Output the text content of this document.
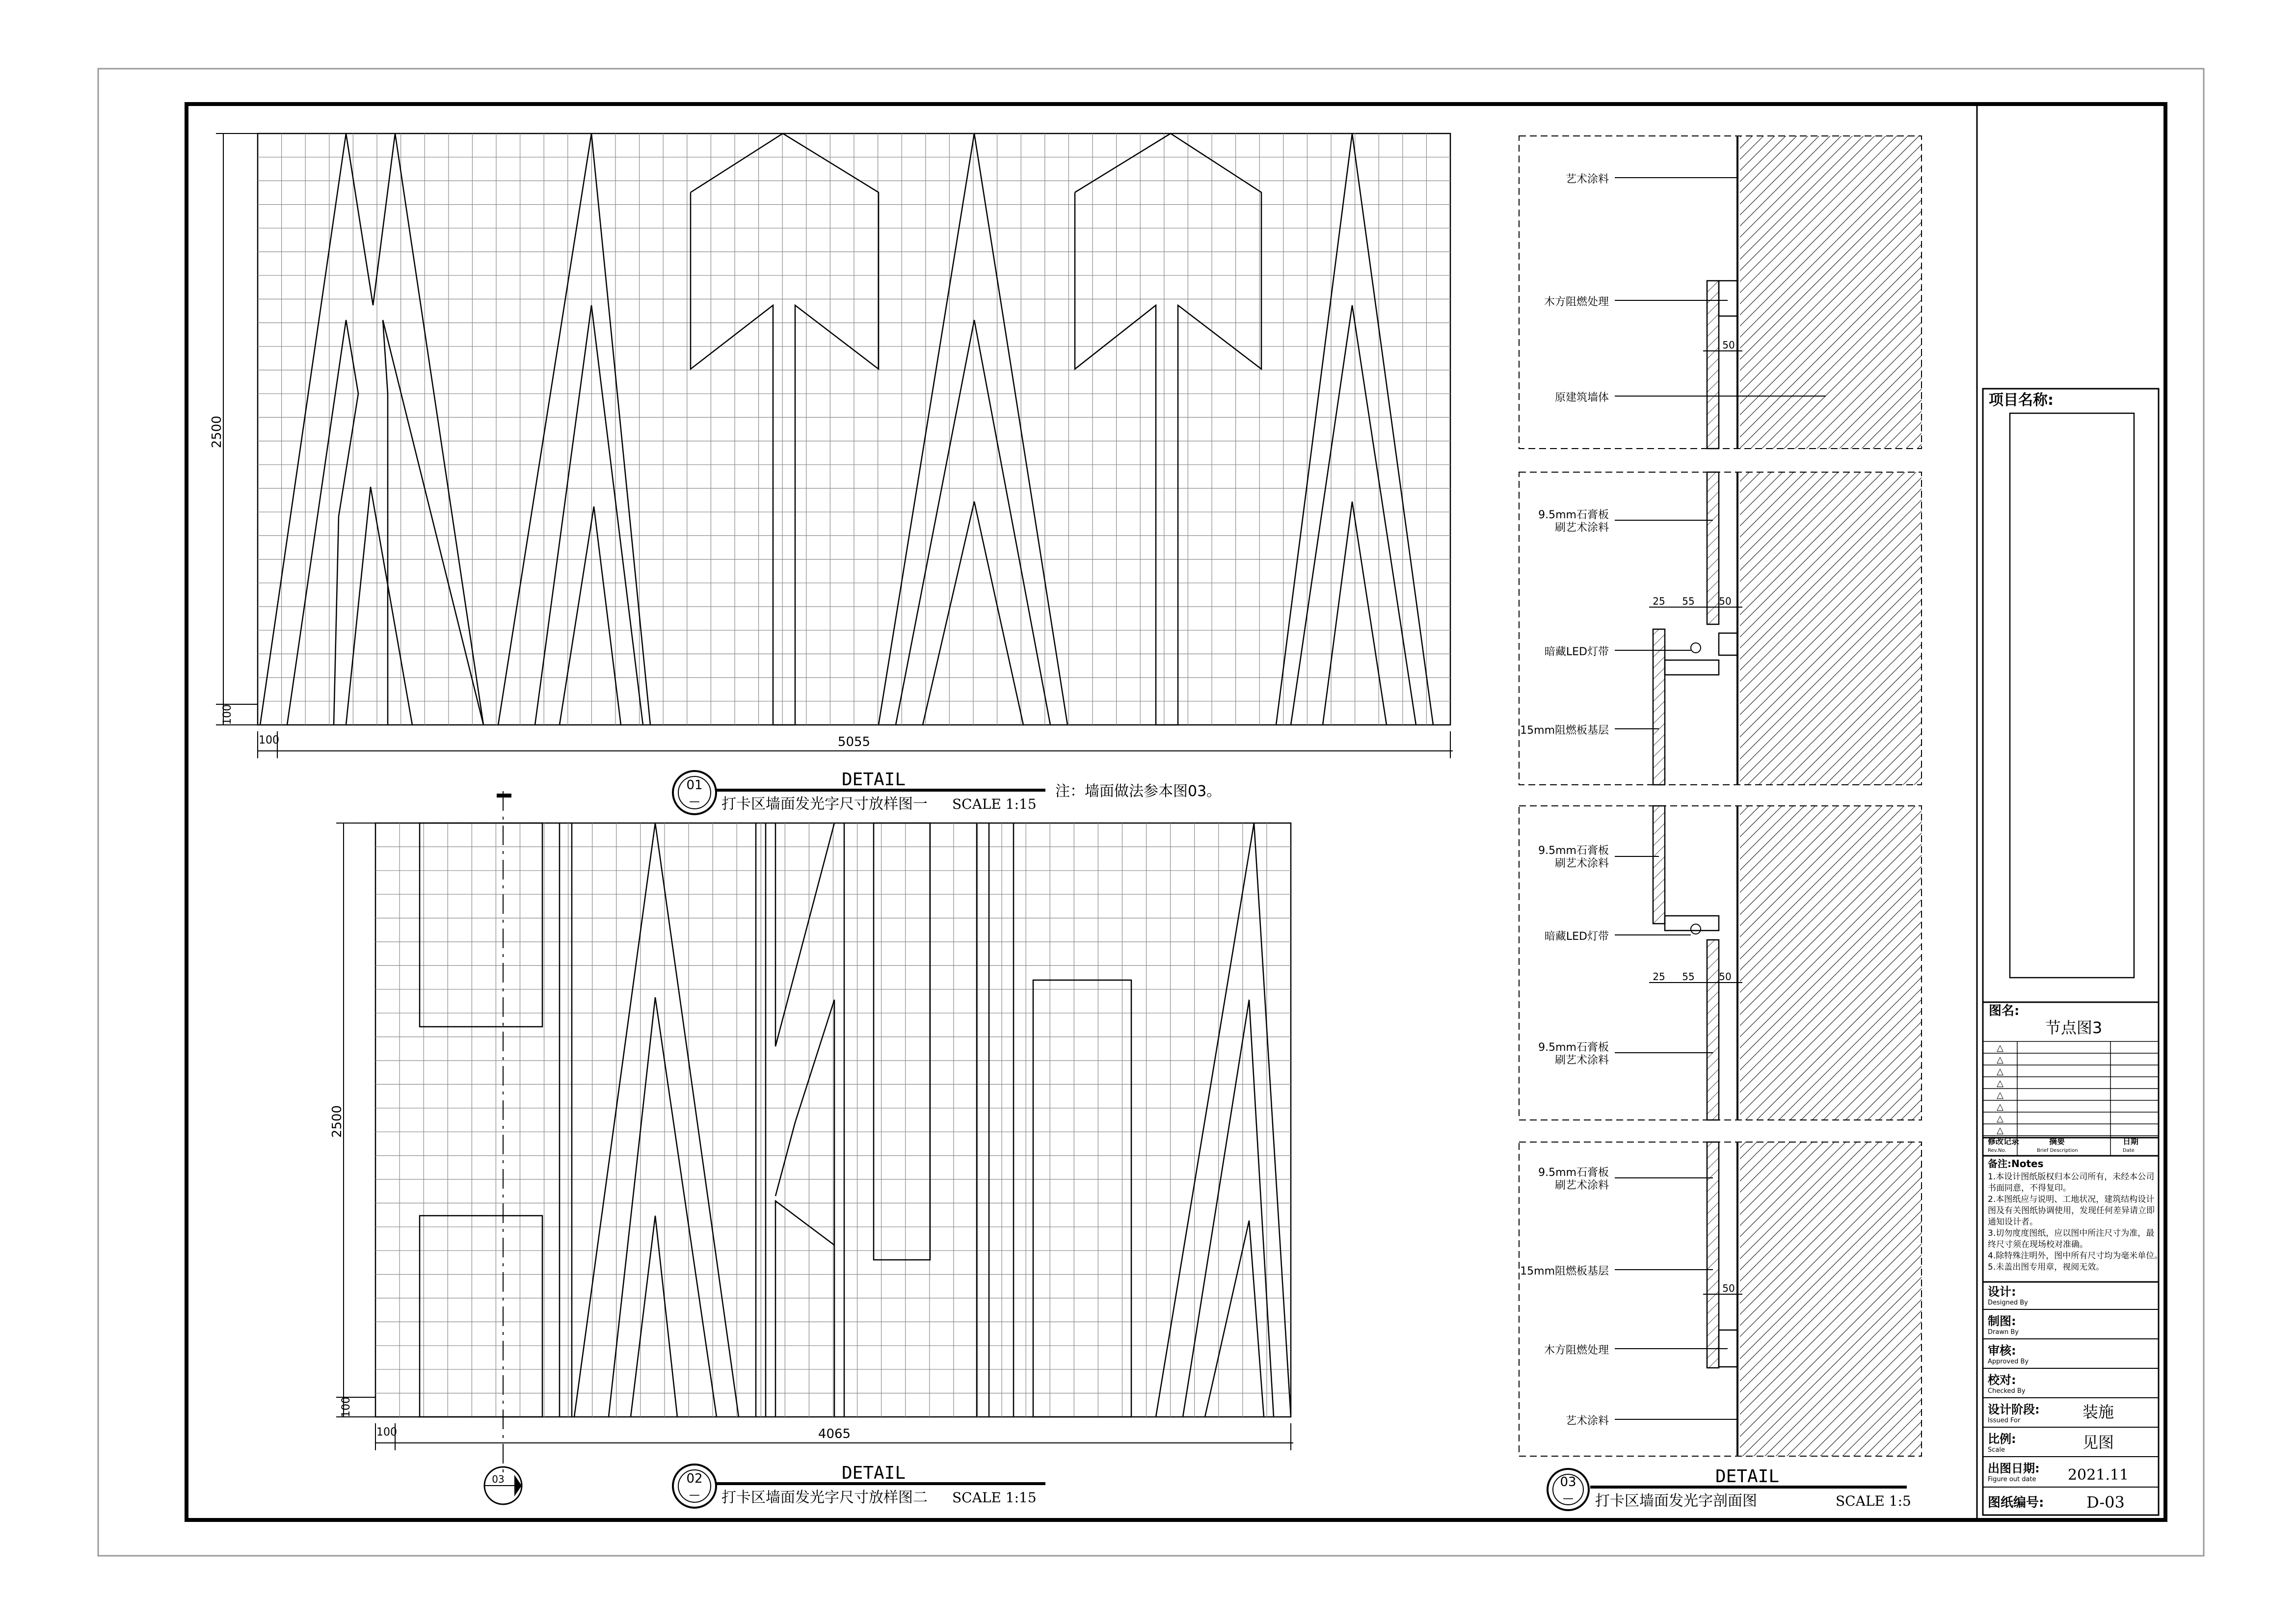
2500
100
100	5055
01
—
DETAIL
打卡区墙面发光字尺寸放样图一 SCALE 1:15
注：墙面做法参本图03。
03
2500
100
100	4065
02
—
DETAIL
打卡区墙面发光字尺寸放样图二 SCALE 1:15
艺术涂料
木方阻燃处理
原建筑墙体
50
9.5mm石膏板
刷艺术涂料
暗藏LED灯带
15mm阻燃板基层
25 55 50
9.5mm石膏板
刷艺术涂料
暗藏LED灯带
9.5mm石膏板
刷艺术涂料
25 55 50
9.5mm石膏板
刷艺术涂料
15mm阻燃板基层
木方阻燃处理
艺术涂料
50
03
—
DETAIL
打卡区墙面发光字剖面图	SCALE 1:5
项目名称:
图名:
节点图3
△
△
△
△
△
△
△
△
修改记录
Rev.No.
摘要
Brief Description
日期
Date
备注:Notes
1.本设计图纸版权归本公司所有，未经本公司
书面同意，不得复印。
2.本图纸应与说明、工地状况，建筑结构设计
图及有关图纸协调使用，发现任何差异请立即
通知设计者。
3.切勿度度图纸，应以图中所注尺寸为准，最
终尺寸须在现场校对准确。
4.除特殊注明外，图中所有尺寸均为毫米单位。
5.未盖出图专用章，视阅无效。
设计:
Designed By
制图:
Drawn By
审核:
Approved By
校对:
Checked By
设计阶段:
Issued For	装施
比例:
Scale	见图
出图日期:
Figure out date 2021.11
图纸编号:	D-03
